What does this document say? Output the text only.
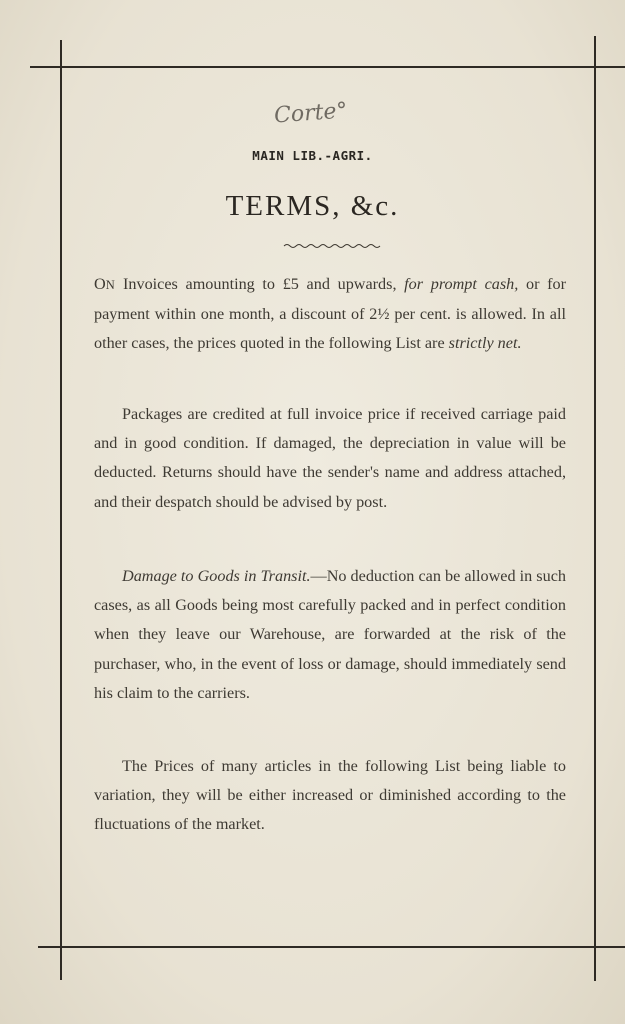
Corte°
MAIN LIB.-AGRI.
TERMS, &c.

ON Invoices amounting to £5 and upwards, for prompt cash, or for payment within one month, a discount of 2½ per cent. is allowed. In all other cases, the prices quoted in the following List are strictly net.

Packages are credited at full invoice price if received carriage paid and in good condition. If damaged, the depreciation in value will be deducted. Returns should have the sender's name and address attached, and their despatch should be advised by post.

Damage to Goods in Transit.—No deduction can be allowed in such cases, as all Goods being most carefully packed and in perfect condition when they leave our Warehouse, are forwarded at the risk of the purchaser, who, in the event of loss or damage, should immediately send his claim to the carriers.

The Prices of many articles in the following List being liable to variation, they will be either increased or diminished according to the fluctuations of the market.
